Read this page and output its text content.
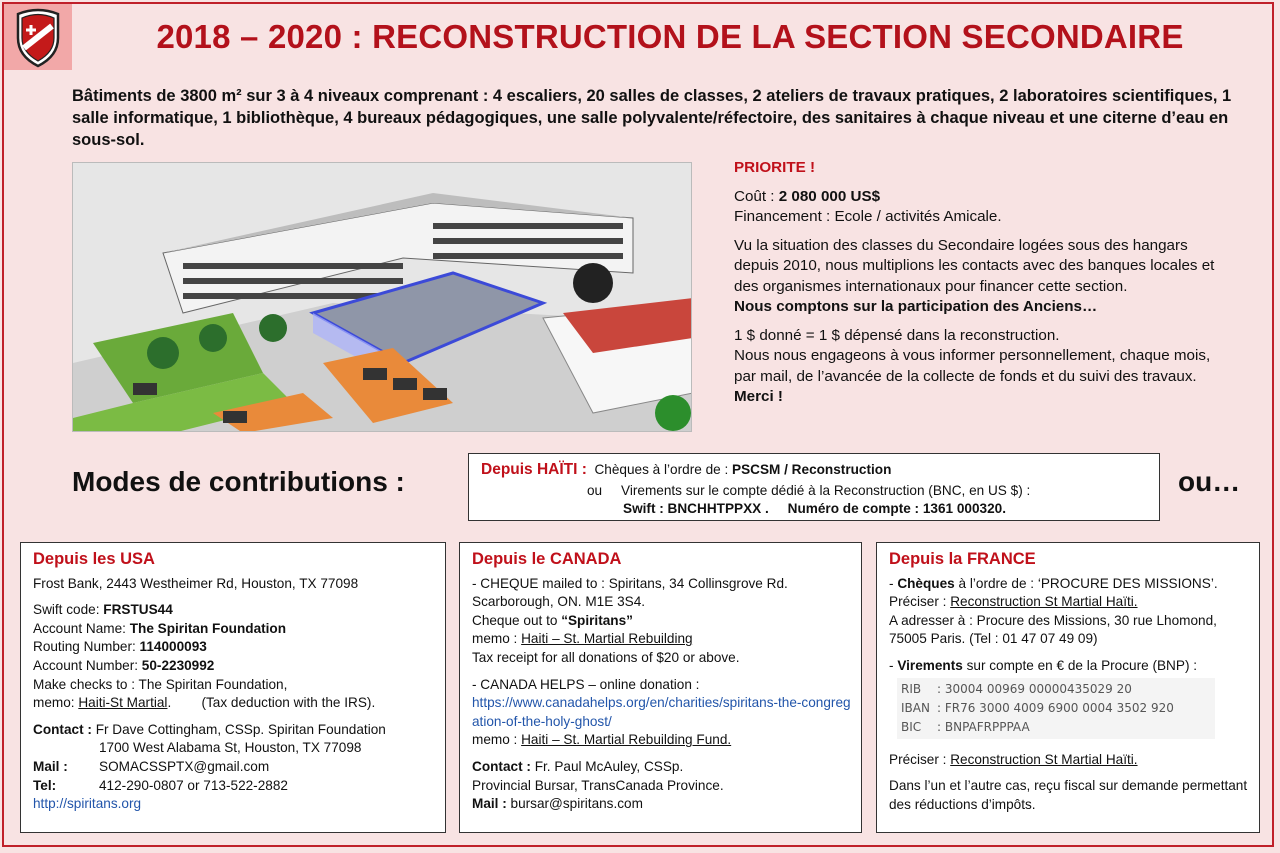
2018 – 2020 : RECONSTRUCTION DE LA SECTION SECONDAIRE
Bâtiments de 3800 m² sur 3 à 4 niveaux comprenant : 4 escaliers, 20 salles de classes, 2 ateliers de travaux pratiques, 2 laboratoires scientifiques, 1 salle informatique, 1 bibliothèque, 4 bureaux pédagogiques, une salle polyvalente/réfectoire, des sanitaires à chaque niveau et une citerne d’eau en sous-sol.

PRIORITE !

Coût : 2 080 000 US$
Financement : Ecole / activités Amicale.

Vu la situation des classes du Secondaire logées sous des hangars depuis 2010, nous multiplions les contacts avec des banques locales et des organismes internationaux pour financer cette section.
Nous comptons sur la participation des Anciens…

1 $ donné = 1 $ dépensé dans la reconstruction.
Nous nous engageons à vous informer personnellement, chaque mois, par mail, de l’avancée de la collecte de fonds et du suivi des travaux. Merci !

Modes de contributions :	Depuis HAÏTI : Chèques à l’ordre de : PSCSM / Reconstruction
ou Virements sur le compte dédié à la Reconstruction (BNC, en US $) :
Swift : BNCHHTPPXX . Numéro de compte : 1361 000320.
ou…
Depuis les USA

Frost Bank, 2443 Westheimer Rd, Houston, TX 77098

Swift code: FRSTUS44
Account Name: The Spiritan Foundation
Routing Number: 114000093
Account Number: 50-2230992
Make checks to : The Spiritan Foundation,
memo: Haiti-St Martial.        (Tax deduction with the IRS).

Contact : Fr Dave Cottingham, CSSp. Spiritan Foundation
1700 West Alabama St, Houston, TX 77098
Mail : SOMACSSPTX@gmail.com
Tel:	412-290-0807 or 713-522-2882
http://spiritans.org
Depuis le CANADA

- CHEQUE mailed to : Spiritans, 34 Collinsgrove Rd.
Scarborough, ON. M1E 3S4.
Cheque out to “Spiritans”
memo : Haiti – St. Martial Rebuilding
Tax receipt for all donations of $20 or above.

- CANADA HELPS – online donation :
https://www.canadahelps.org/en/charities/spiritans-the-congregation-of-the-holy-ghost/
memo : Haiti – St. Martial Rebuilding Fund.

Contact : Fr. Paul McAuley, CSSp.
Provincial Bursar, TransCanada Province.
Mail : bursar@spiritans.com

Depuis la FRANCE

- Chèques à l’ordre de : ‘PROCURE DES MISSIONS’.
Préciser : Reconstruction St Martial Haïti.
A adresser à : Procure des Missions, 30 rue Lhomond, 75005 Paris. (Tel : 01 47 07 49 09)

- Virements sur compte en € de la Procure (BNP) :

RIB : 30004 00969 00000435029 20
IBAN : FR76 3000 4009 6900 0004 3502 920
BIC : BNPAFRPPPAA

Préciser : Reconstruction St Martial Haïti.

Dans l’un et l’autre cas, reçu fiscal sur demande permettant des réductions d’impôts.
